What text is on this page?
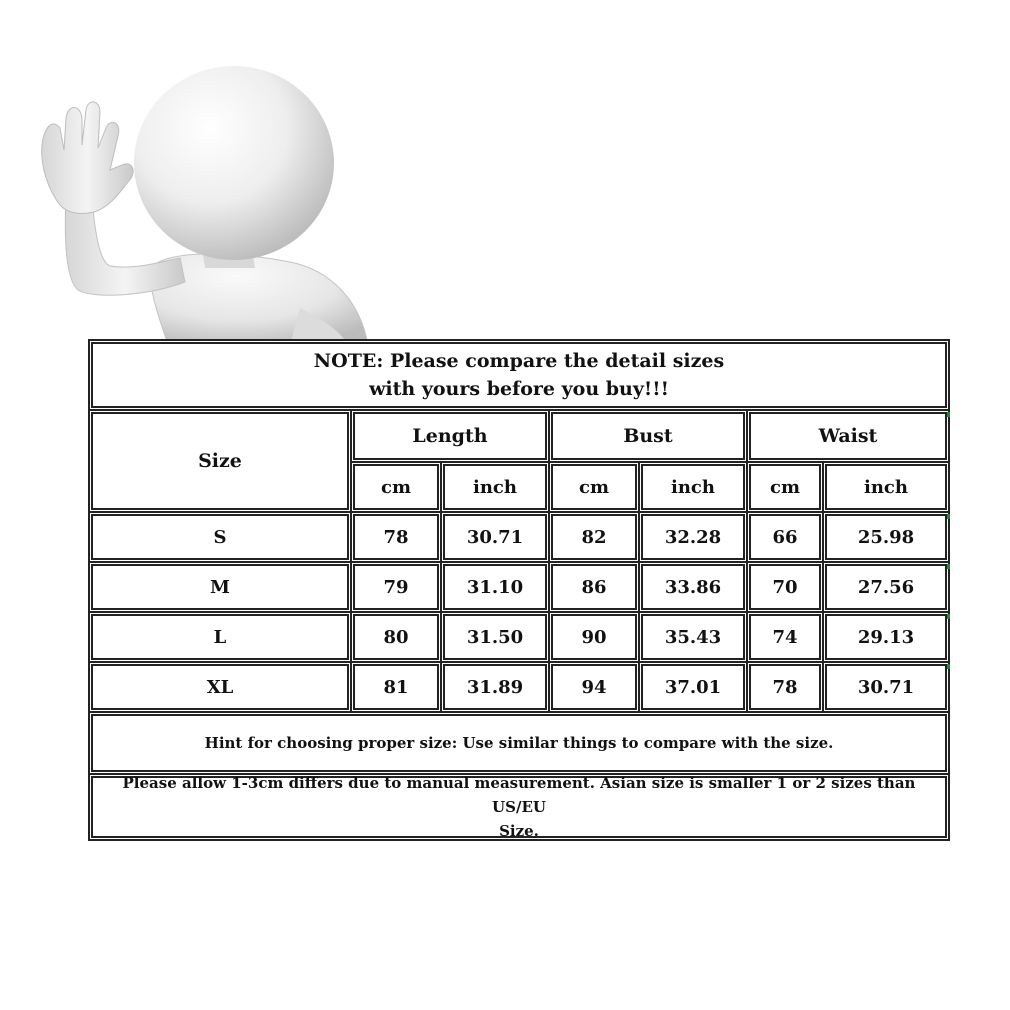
NOTE: Please compare the detail sizes
with yours before you buy!!!
Size
Length	Bust	Waist
cm	inch	cm	inch	cm	inch
S	78	30.71	82	32.28	66	25.98
M	79	31.10	86	33.86	70	27.56
L	80	31.50	90	35.43	74	29.13
XL	81	31.89	94	37.01	78	30.71
Hint for choosing proper size: Use similar things to compare with the size.
Please allow 1-3cm differs due to manual measurement. Asian size is smaller 1 or 2 sizes than US/EU
Size.
